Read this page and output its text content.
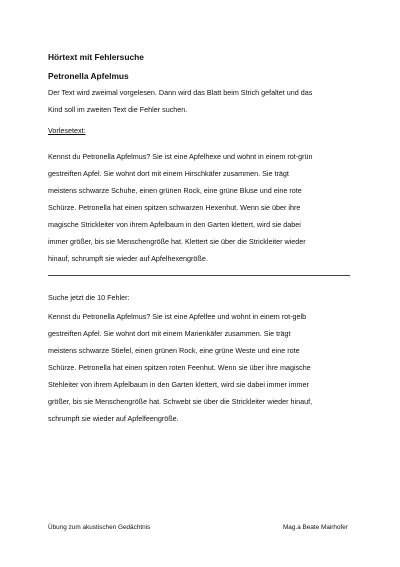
Hörtext mit Fehlersuche
Petronella Apfelmus
Der Text wird zweimal vorgelesen. Dann wird das Blatt beim Strich gefaltet und das
Kind soll im zweiten Text die Fehler suchen.
Vorlesetext:
Kennst du Petronella Apfelmus? Sie ist eine Apfelhexe und wohnt in einem rot-grün
gestreiften Apfel. Sie wohnt dort mit einem Hirschkäfer zusammen. Sie trägt
meistens schwarze Schuhe, einen grünen Rock, eine grüne Bluse und eine rote
Schürze. Petronella hat einen spitzen schwarzen Hexenhut. Wenn sie über ihre
magische Strickleiter von ihrem Apfelbaum in den Garten klettert, wird sie dabei
immer größer, bis sie Menschengröße hat. Klettert sie über die Strickleiter wieder
hinauf, schrumpft sie wieder auf Apfelhexengröße.
Suche jetzt die 10 Fehler:
Kennst du Petronella Apfelmus? Sie ist eine Apfelfee und wohnt in einem rot-gelb
gestreiften Apfel. Sie wohnt dort mit einem Marienkäfer zusammen. Sie trägt
meistens schwarze Stiefel, einen grünen Rock, eine grüne Weste und eine rote
Schürze. Petronella hat einen spitzen roten Feenhut. Wenn sie über ihre magische
Stehleiter von ihrem Apfelbaum in den Garten klettert, wird sie dabei immer immer
größer, bis sie Menschengröße hat. Schwebt sie über die Strickleiter wieder hinauf,
schrumpft sie wieder auf Apfelfeengröße.
Übung zum akustischen Gedächtnis	Mag.a Beate Mairhofer
